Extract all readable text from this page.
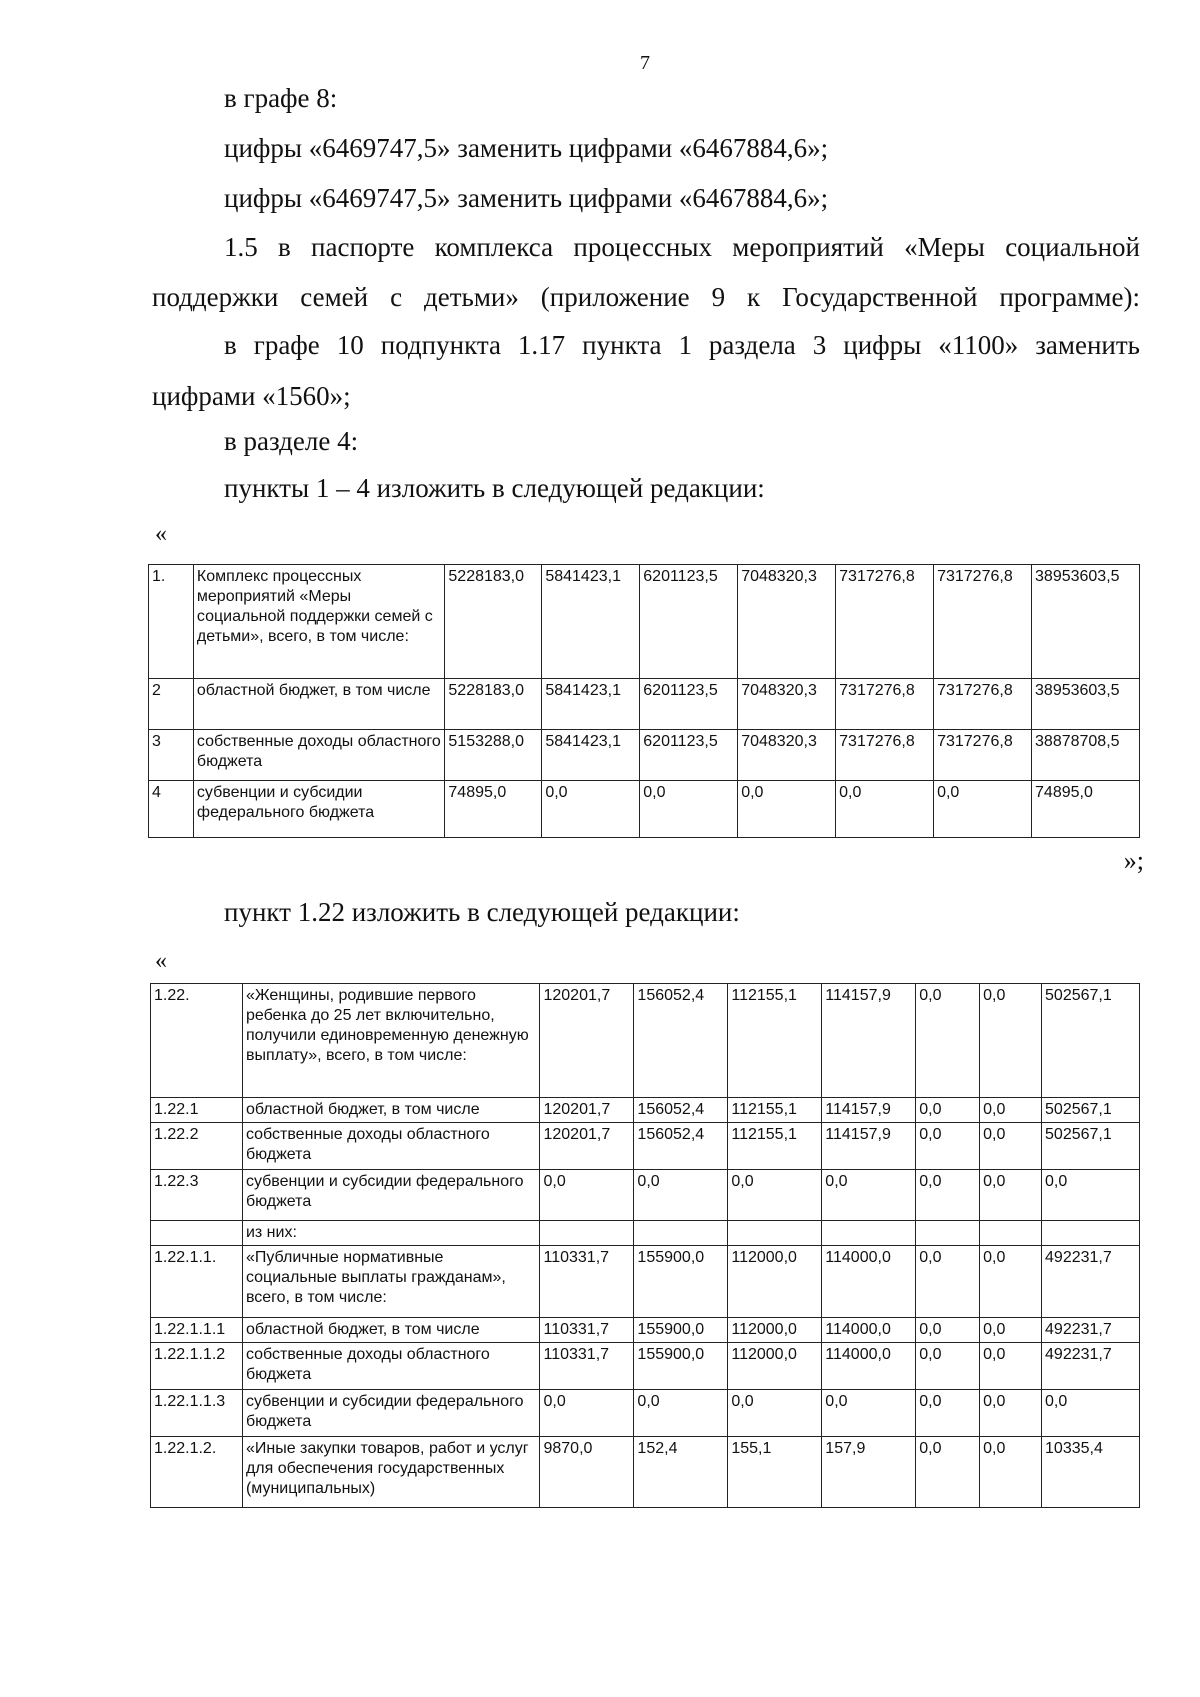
7
в графе 8:
цифры «6469747,5» заменить цифрами «6467884,6»;
цифры «6469747,5» заменить цифрами «6467884,6»;
1.5 в паспорте комплекса процессных мероприятий «Меры социальной
поддержки семей с детьми» (приложение 9 к Государственной программе):
в графе 10 подпункта 1.17 пункта 1 раздела 3 цифры «1100» заменить
цифрами «1560»;
в разделе 4:
пункты 1 – 4 изложить в следующей редакции:
«
1.	Комплекс процессных мероприятий «Меры социальной поддержки семей с детьми», всего, в том числе:	5228183,0	5841423,1	6201123,5	7048320,3	7317276,8	7317276,8	38953603,5
2	областной бюджет, в том числе	5228183,0	5841423,1	6201123,5	7048320,3	7317276,8	7317276,8	38953603,5
3	собственные доходы областного бюджета	5153288,0	5841423,1	6201123,5	7048320,3	7317276,8	7317276,8	38878708,5
4	субвенции и субсидии федерального бюджета	74895,0	0,0	0,0	0,0	0,0	0,0	74895,0
»;
пункт 1.22 изложить в следующей редакции:
«
1.22.	«Женщины, родившие первого ребенка до 25 лет включительно, получили единовременную денежную выплату», всего, в том числе:	120201,7	156052,4	112155,1	114157,9	0,0	0,0	502567,1
1.22.1	областной бюджет, в том числе	120201,7	156052,4	112155,1	114157,9	0,0	0,0	502567,1
1.22.2	собственные доходы областного бюджета	120201,7	156052,4	112155,1	114157,9	0,0	0,0	502567,1
1.22.3	субвенции и субсидии федерального бюджета	0,0	0,0	0,0	0,0	0,0	0,0	0,0
	из них:							
1.22.1.1.	«Публичные нормативные социальные выплаты гражданам», всего, в том числе:	110331,7	155900,0	112000,0	114000,0	0,0	0,0	492231,7
1.22.1.1.1	областной бюджет, в том числе	110331,7	155900,0	112000,0	114000,0	0,0	0,0	492231,7
1.22.1.1.2	собственные доходы областного бюджета	110331,7	155900,0	112000,0	114000,0	0,0	0,0	492231,7
1.22.1.1.3	субвенции и субсидии федерального бюджета	0,0	0,0	0,0	0,0	0,0	0,0	0,0
1.22.1.2.	«Иные закупки товаров, работ и услуг для обеспечения государственных (муниципальных)	9870,0	152,4	155,1	157,9	0,0	0,0	10335,4
